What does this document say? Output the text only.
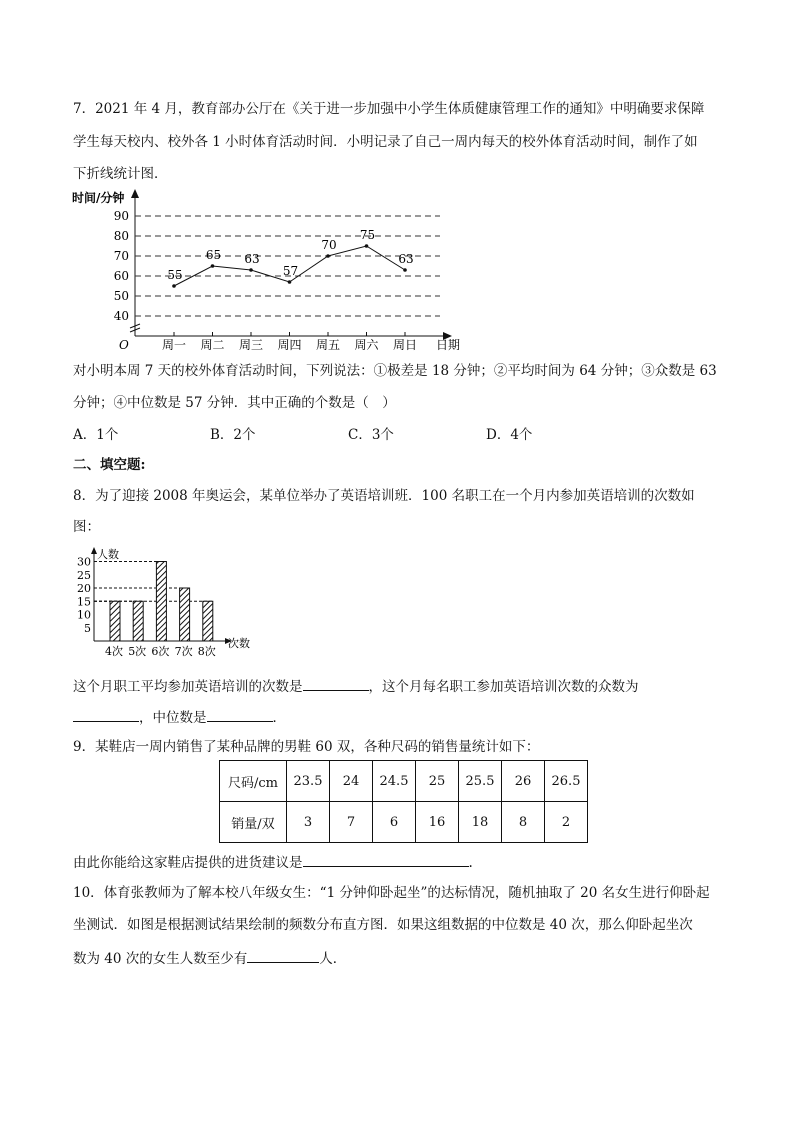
7．2021 年 4 月，教育部办公厅在《关于进一步加强中小学生体质健康管理工作的通知》中明确要求保障
学生每天校内、校外各 1 小时体育活动时间．小明记录了自己一周内每天的校外体育活动时间，制作了如
下折线统计图．
时间/分钟
O	日期
40
50
60
70
80
90
周一 周二 周三 周四 周五 周六 周日
55
65 63
57
70
75
63
对小明本周 7 天的校外体育活动时间，下列说法：①极差是 18 分钟；②平均时间为 64 分钟；③众数是 63
分钟；④中位数是 57 分钟．其中正确的个数是（　）
A．1个	B．2个	C．3个	D．4个
二、填空题:
8．为了迎接 2008 年奥运会，某单位举办了英语培训班．100 名职工在一个月内参加英语培训的次数如
图：
人数
次数
5
10
15
20
25
30
4次 5次 6次 7次 8次
这个月职工平均参加英语培训的次数是	，这个月每名职工参加英语培训次数的众数为
，中位数是	．
9．某鞋店一周内销售了某种品牌的男鞋 60 双，各种尺码的销售量统计如下：
尺码/cm	23.5	24	24.5	25	25.5	26	26.5
销量/双	3	7	6	16	18	8	2
由此你能给这家鞋店提供的进货建议是	.
10．体育张教师为了解本校八年级女生：“1 分钟仰卧起坐”的达标情况，随机抽取了 20 名女生进行仰卧起
坐测试．如图是根据测试结果绘制的频数分布直方图．如果这组数据的中位数是 40 次，那么仰卧起坐次
数为 40 次的女生人数至少有	人．
